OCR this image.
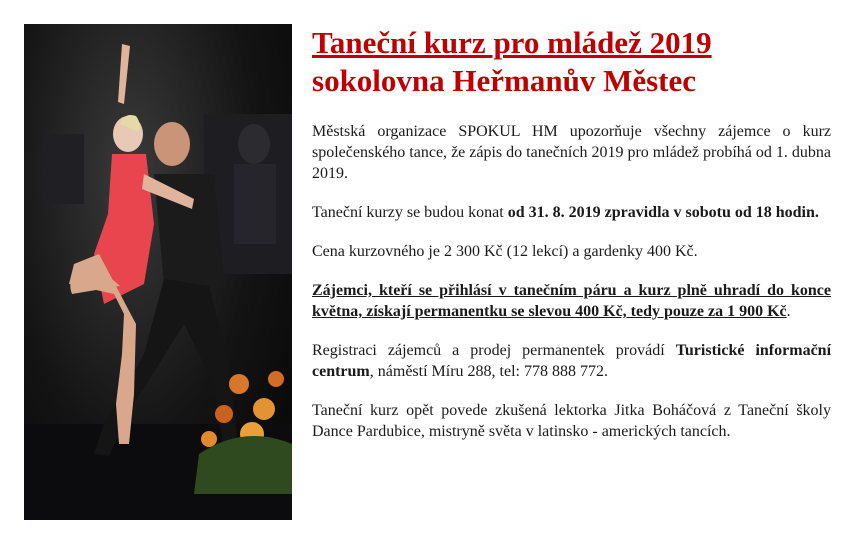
Taneční kurz pro mládež 2019
sokolovna Heřmanův Městec

Městská organizace SPOKUL HM upozorňuje všechny zájemce o kurz společenského tance, že zápis do tanečních 2019 pro mládež probíhá od 1. dubna 2019.

Taneční kurzy se budou konat od 31. 8. 2019 zpravidla v sobotu od 18 hodin.

Cena kurzovného je 2 300 Kč (12 lekcí) a gardenky 400 Kč.

Zájemci, kteří se přihlásí v tanečním páru a kurz plně uhradí do konce května, získají permanentku se slevou 400 Kč, tedy pouze za 1 900 Kč.

Registraci zájemců a prodej permanentek provádí Turistické informační centrum, náměstí Míru 288, tel: 778 888 772.

Taneční kurz opět povede zkušená lektorka Jitka Boháčová z Taneční školy Dance Pardubice, mistryně světa v latinsko - amerických tancích.
